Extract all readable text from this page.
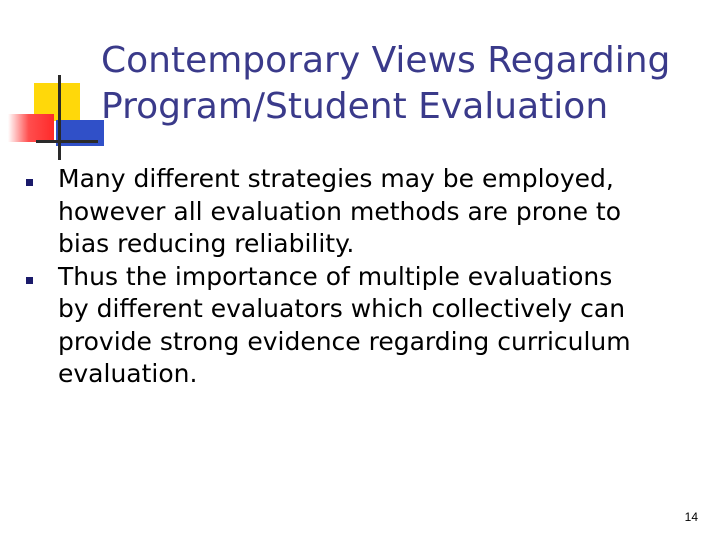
Contemporary Views Regarding
Program/Student Evaluation
Many different strategies may be employed,
however all evaluation methods are prone to
bias reducing reliability.
Thus the importance of multiple evaluations
by different evaluators which collectively can
provide strong evidence regarding curriculum
evaluation.
14
